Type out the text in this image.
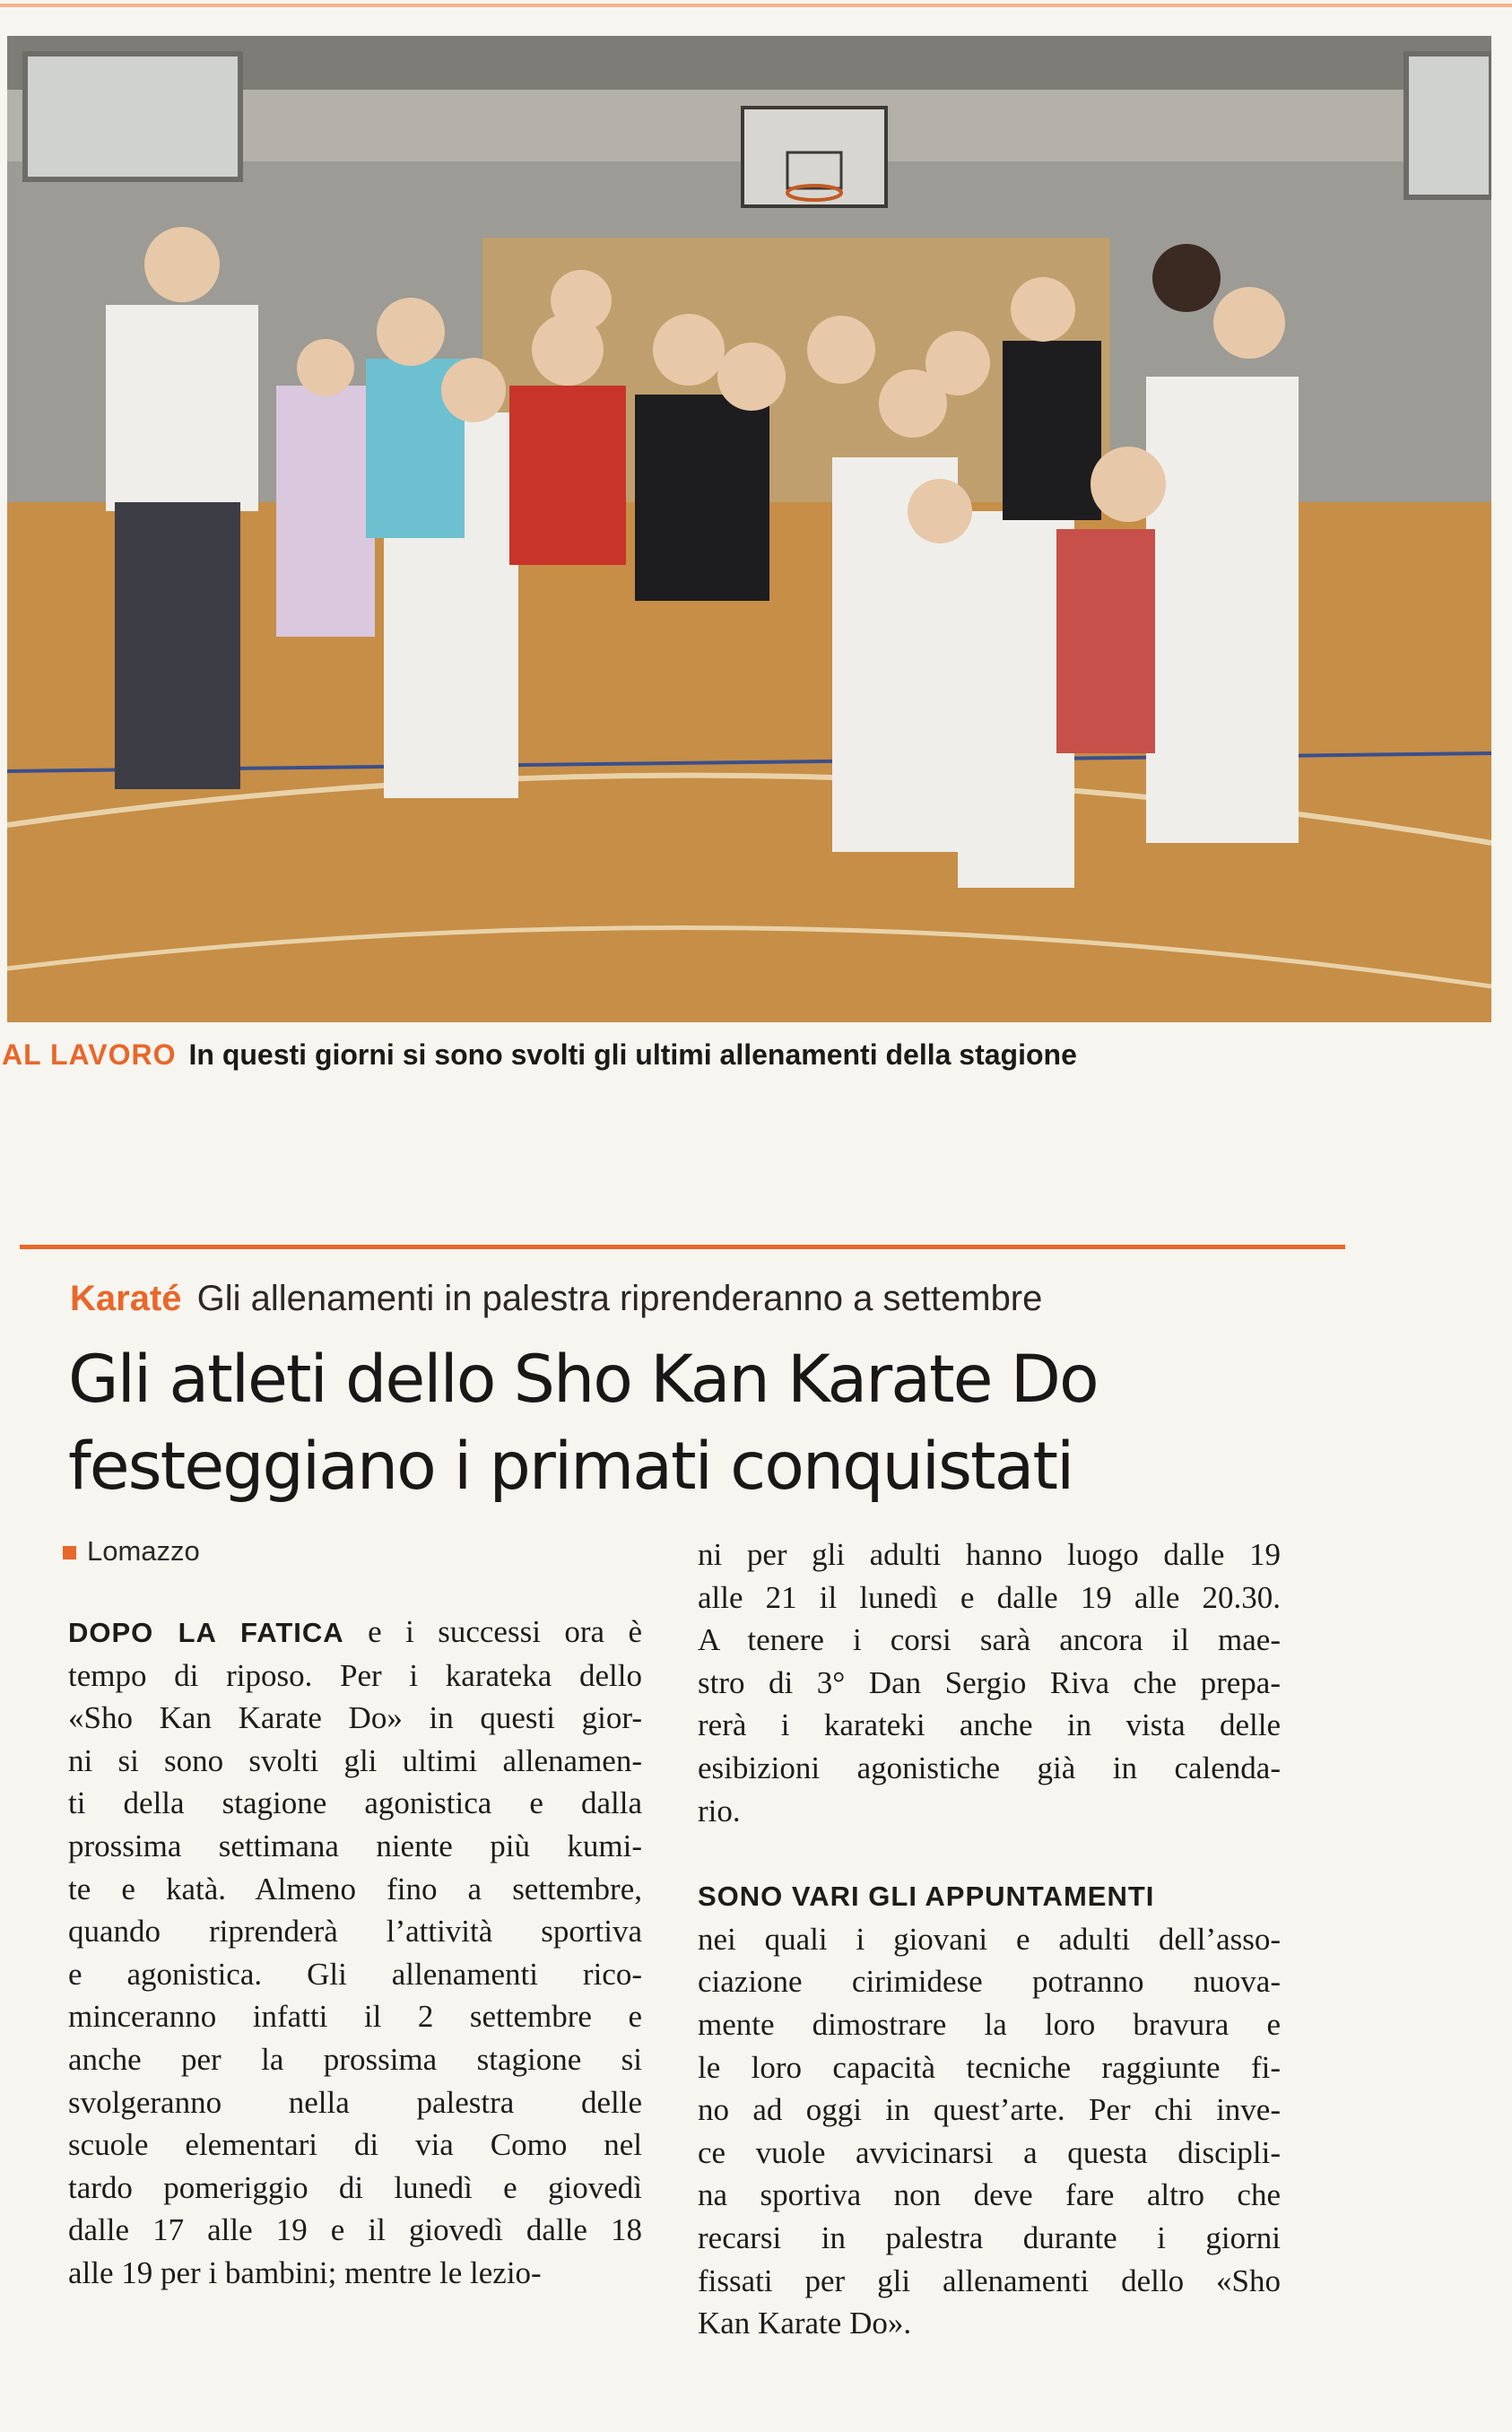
AL LAVORO In questi giorni si sono svolti gli ultimi allenamenti della stagione
Karaté Gli allenamenti in palestra riprenderanno a settembre
Gli atleti dello Sho Kan Karate Do
festeggiano i primati conquistati
Lomazzo
DOPO LA FATICA e i successi ora è
tempo di riposo. Per i karateka dello
«Sho Kan Karate Do» in questi gior-
ni si sono svolti gli ultimi allenamen-
ti della stagione agonistica e dalla
prossima settimana niente più kumi-
te e katà. Almeno fino a settembre,
quando riprenderà l’attività sportiva
e agonistica. Gli allenamenti rico-
minceranno infatti il 2 settembre e
anche per la prossima stagione si
svolgeranno nella palestra delle
scuole elementari di via Como nel
tardo pomeriggio di lunedì e giovedì
dalle 17 alle 19 e il giovedì dalle 18
alle 19 per i bambini; mentre le lezio-
ni per gli adulti hanno luogo dalle 19
alle 21 il lunedì e dalle 19 alle 20.30.
A tenere i corsi sarà ancora il mae-
stro di 3° Dan Sergio Riva che prepa-
rerà i karateki anche in vista delle
esibizioni agonistiche già in calenda-
rio.
SONO VARI GLI APPUNTAMENTI
nei quali i giovani e adulti dell’asso-
ciazione cirimidese potranno nuova-
mente dimostrare la loro bravura e
le loro capacità tecniche raggiunte fi-
no ad oggi in quest’arte. Per chi inve-
ce vuole avvicinarsi a questa discipli-
na sportiva non deve fare altro che
recarsi in palestra durante i giorni
fissati per gli allenamenti dello «Sho
Kan Karate Do».
